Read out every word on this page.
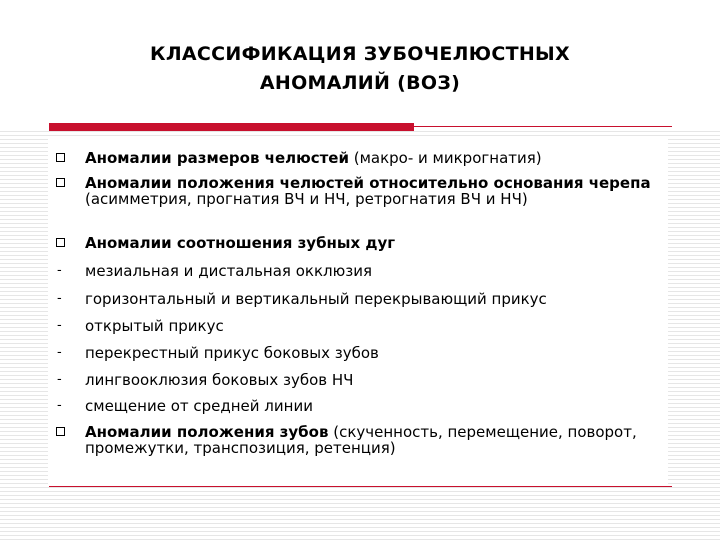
КЛАССИФИКАЦИЯ ЗУБОЧЕЛЮСТНЫХ
АНОМАЛИЙ (ВОЗ)
Аномалии размеров челюстей (макро- и микрогнатия)
Аномалии положения челюстей относительно основания черепа (асимметрия, прогнатия ВЧ и НЧ, ретрогнатия ВЧ и НЧ)
Аномалии соотношения зубных дуг
- мезиальная и дистальная окклюзия
- горизонтальный и вертикальный перекрывающий прикус
- открытый прикус
- перекрестный прикус боковых зубов
- лингвооклюзия боковых зубов НЧ
- смещение от средней линии
Аномалии положения зубов (скученность, перемещение, поворот, промежутки, транспозиция, ретенция)
